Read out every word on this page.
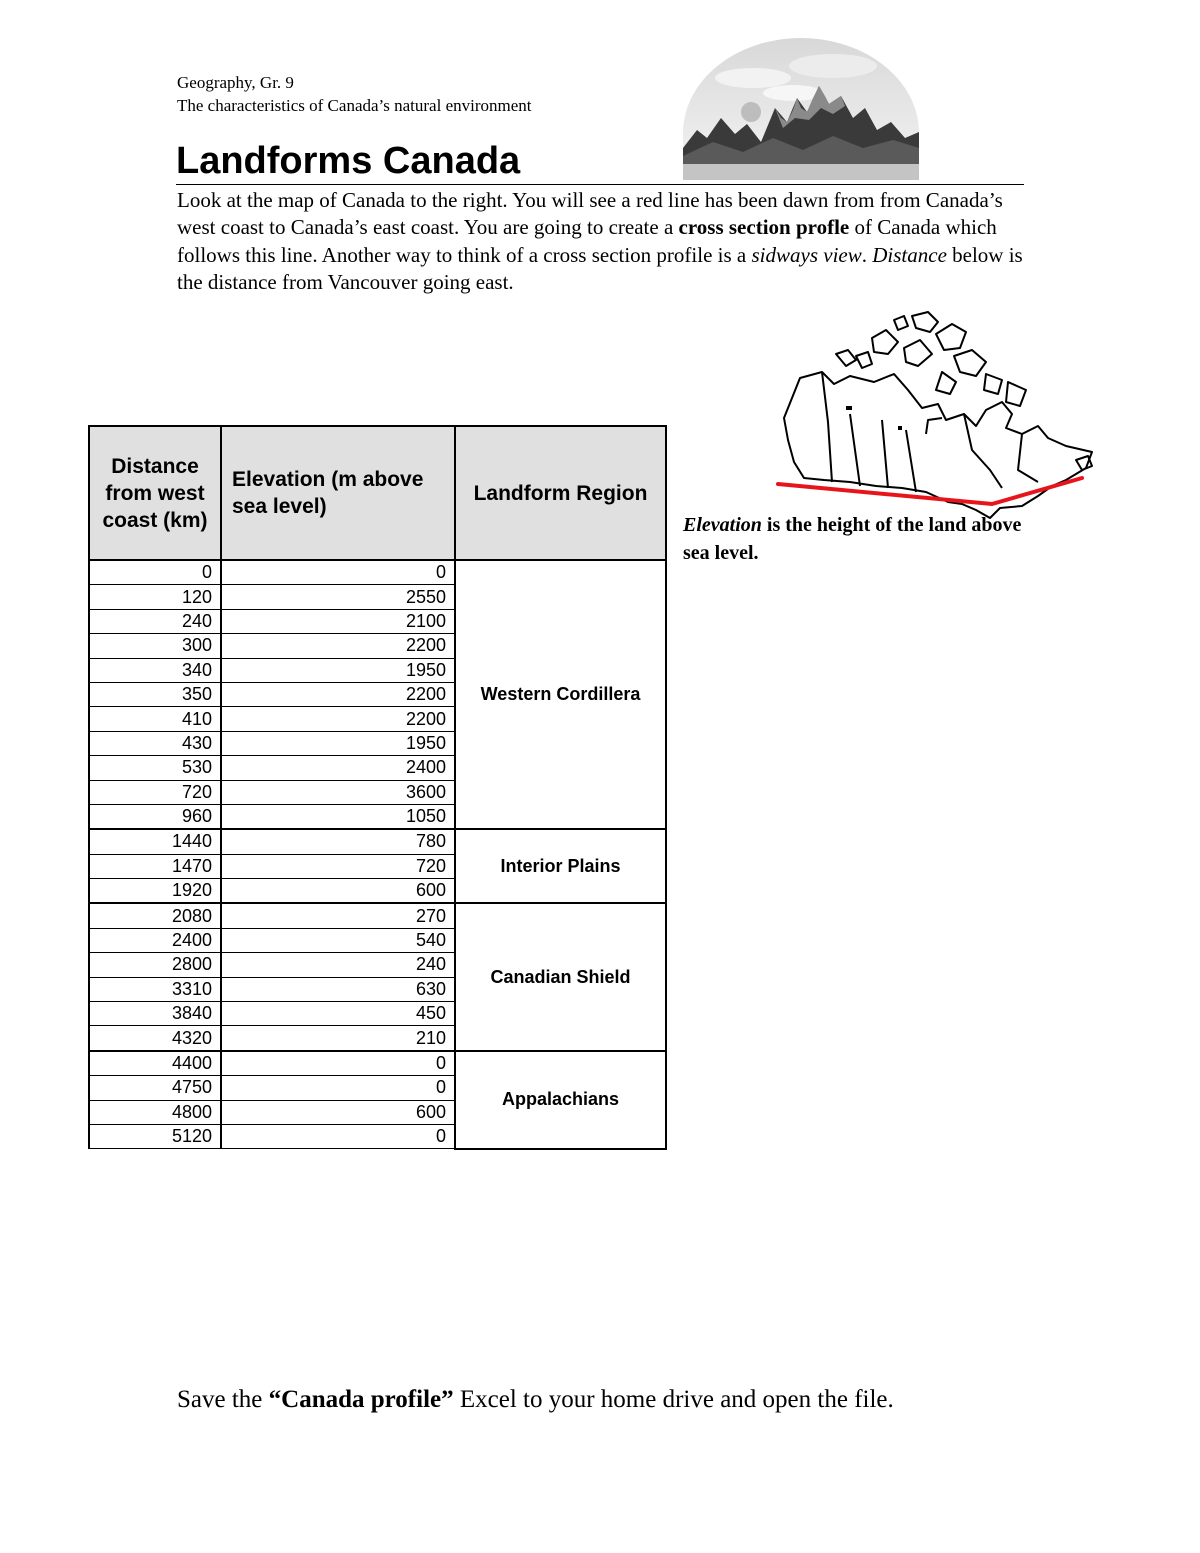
Geography, Gr. 9
The characteristics of Canada’s natural environment
Landforms Canada

Look at the map of Canada to the right. You will see a red line has been dawn from from Canada’s west coast to Canada’s east coast. You are going to create a cross section profle of Canada which follows this line. Another way to think of a cross section profile is a sidways view. Distance below is the distance from Vancouver going east.

Elevation is the height of the land above sea level.

Distance from west coast (km)	Elevation (m above sea level)	Landform Region
0	0	Western Cordillera
120	2550	
240	2100	
300	2200	
340	1950	
350	2200	
410	2200	
430	1950	
530	2400	
720	3600	
960	1050	
1440	780	Interior Plains
1470	720	
1920	600	
2080	270	Canadian Shield
2400	540	
2800	240	
3310	630	
3840	450	
4320	210	
4400	0	Appalachians
4750	0	
4800	600	
5120	0	

Save the “Canada profile” Excel to your home drive and open the file.
